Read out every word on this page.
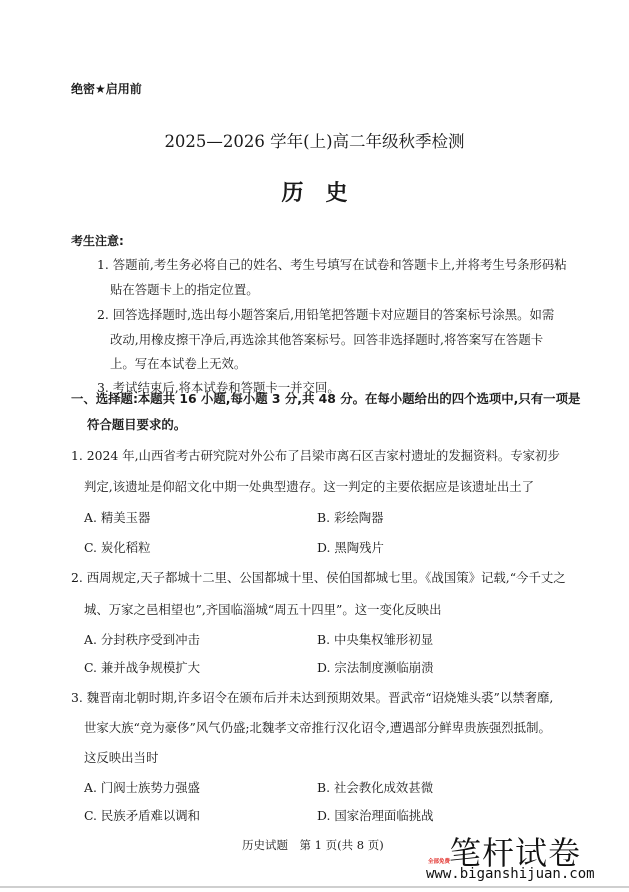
绝密★启用前
2025—2026 学年(上)高二年级秋季检测
历史
考生注意:
1. 答题前,考生务必将自己的姓名、考生号填写在试卷和答题卡上,并将考生号条形码粘
贴在答题卡上的指定位置。
2. 回答选择题时,选出每小题答案后,用铅笔把答题卡对应题目的答案标号涂黑。如需
改动,用橡皮擦干净后,再选涂其他答案标号。回答非选择题时,将答案写在答题卡
上。写在本试卷上无效。
3. 考试结束后,将本试卷和答题卡一并交回。
一、选择题:本题共 16 小题,每小题 3 分,共 48 分。在每小题给出的四个选项中,只有一项是
符合题目要求的。
1. 2024 年,山西省考古研究院对外公布了吕梁市离石区吉家村遗址的发掘资料。专家初步
判定,该遗址是仰韶文化中期一处典型遗存。这一判定的主要依据应是该遗址出土了
A. 精美玉器	B. 彩绘陶器
C. 炭化稻粒	D. 黑陶残片
2. 西周规定,天子都城十二里、公国都城十里、侯伯国都城七里。《战国策》记载,“今千丈之
城、万家之邑相望也”,齐国临淄城“周五十四里”。这一变化反映出
A. 分封秩序受到冲击	B. 中央集权雏形初显
C. 兼并战争规模扩大	D. 宗法制度濒临崩溃
3. 魏晋南北朝时期,许多诏令在颁布后并未达到预期效果。晋武帝“诏烧雉头裘”以禁奢靡,
世家大族“竞为豪侈”风气仍盛;北魏孝文帝推行汉化诏令,遭遇部分鲜卑贵族强烈抵制。
这反映出当时
A. 门阀士族势力强盛	B. 社会教化成效甚微
C. 民族矛盾难以调和	D. 国家治理面临挑战
历史试题　第 1 页(共 8 页) 笔杆试卷
全部免费
www.biganshijuan.com
